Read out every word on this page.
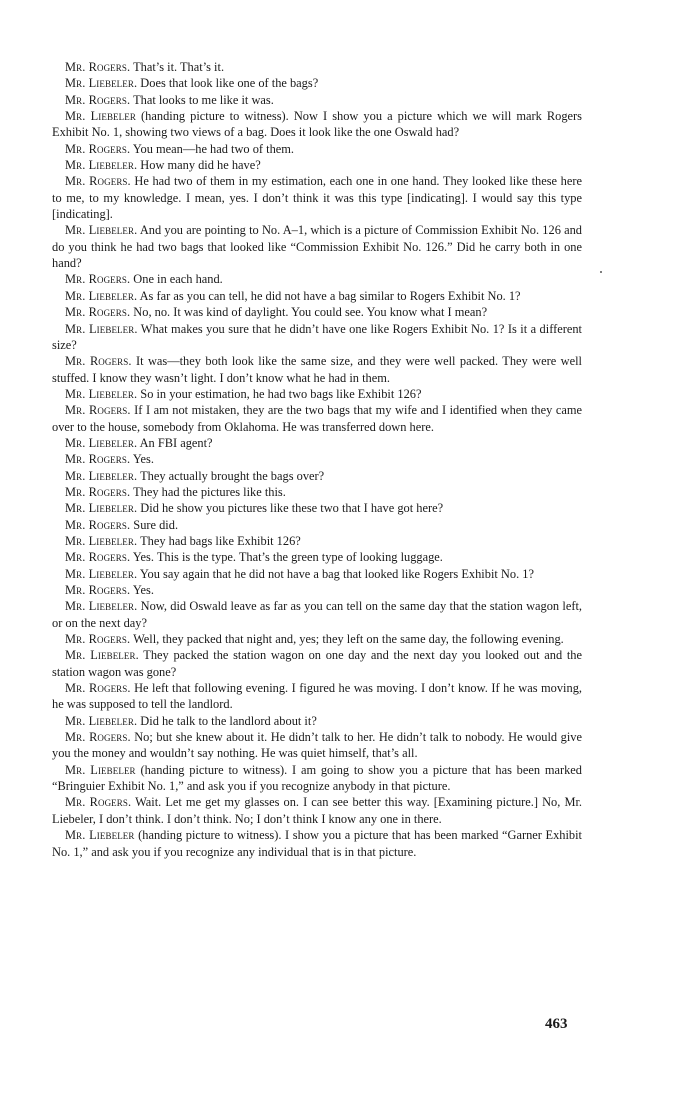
Mr. Rogers. That’s it. That’s it.

Mr. Liebeler. Does that look like one of the bags?

Mr. Rogers. That looks to me like it was.

Mr. Liebeler (handing picture to witness). Now I show you a picture which we will mark Rogers Exhibit No. 1, showing two views of a bag. Does it look like the one Oswald had?

Mr. Rogers. You mean—he had two of them.

Mr. Liebeler. How many did he have?

Mr. Rogers. He had two of them in my estimation, each one in one hand. They looked like these here to me, to my knowledge. I mean, yes. I don’t think it was this type [indicating]. I would say this type [indicating].

Mr. Liebeler. And you are pointing to No. A–1, which is a picture of Commission Exhibit No. 126 and do you think he had two bags that looked like “Commission Exhibit No. 126.” Did he carry both in one hand?

Mr. Rogers. One in each hand.

Mr. Liebeler. As far as you can tell, he did not have a bag similar to Rogers Exhibit No. 1?

Mr. Rogers. No, no. It was kind of daylight. You could see. You know what I mean?

Mr. Liebeler. What makes you sure that he didn’t have one like Rogers Exhibit No. 1? Is it a different size?

Mr. Rogers. It was—they both look like the same size, and they were well packed. They were well stuffed. I know they wasn’t light. I don’t know what he had in them.

Mr. Liebeler. So in your estimation, he had two bags like Exhibit 126?

Mr. Rogers. If I am not mistaken, they are the two bags that my wife and I identified when they came over to the house, somebody from Oklahoma. He was transferred down here.

Mr. Liebeler. An FBI agent?

Mr. Rogers. Yes.

Mr. Liebeler. They actually brought the bags over?

Mr. Rogers. They had the pictures like this.

Mr. Liebeler. Did he show you pictures like these two that I have got here?

Mr. Rogers. Sure did.

Mr. Liebeler. They had bags like Exhibit 126?

Mr. Rogers. Yes. This is the type. That’s the green type of looking luggage.

Mr. Liebeler. You say again that he did not have a bag that looked like Rogers Exhibit No. 1?

Mr. Rogers. Yes.

Mr. Liebeler. Now, did Oswald leave as far as you can tell on the same day that the station wagon left, or on the next day?

Mr. Rogers. Well, they packed that night and, yes; they left on the same day, the following evening.

Mr. Liebeler. They packed the station wagon on one day and the next day you looked out and the station wagon was gone?

Mr. Rogers. He left that following evening. I figured he was moving. I don’t know. If he was moving, he was supposed to tell the landlord.

Mr. Liebeler. Did he talk to the landlord about it?

Mr. Rogers. No; but she knew about it. He didn’t talk to her. He didn’t talk to nobody. He would give you the money and wouldn’t say nothing. He was quiet himself, that’s all.

Mr. Liebeler (handing picture to witness). I am going to show you a picture that has been marked “Bringuier Exhibit No. 1,” and ask you if you recognize anybody in that picture.

Mr. Rogers. Wait. Let me get my glasses on. I can see better this way. [Examining picture.] No, Mr. Liebeler, I don’t think. I don’t think. No; I don’t think I know any one in there.

Mr. Liebeler (handing picture to witness). I show you a picture that has been marked “Garner Exhibit No. 1,” and ask you if you recognize any individual that is in that picture.

463
